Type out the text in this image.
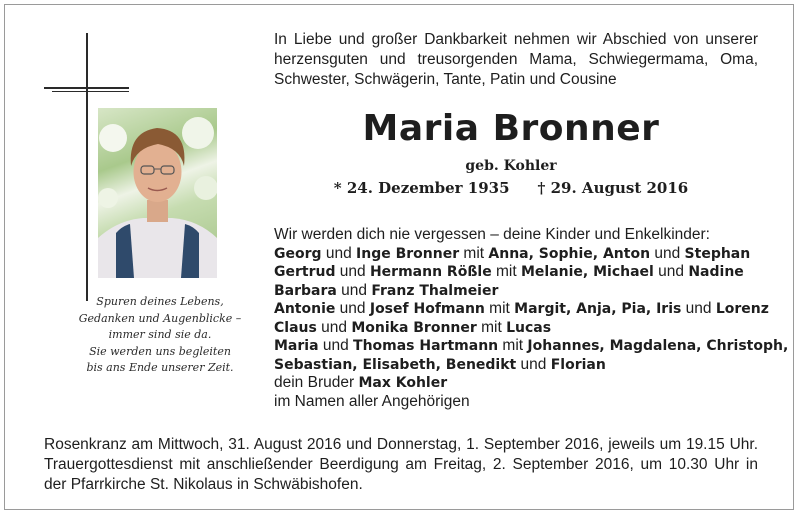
Spuren deines Lebens,
Gedanken und Augenblicke –
immer sind sie da.
Sie werden uns begleiten
bis ans Ende unserer Zeit.
In Liebe und großer Dankbarkeit nehmen wir Abschied von unserer
herzensguten und treusorgenden Mama, Schwiegermama, Oma,
Schwester, Schwägerin, Tante, Patin und Cousine
Maria Bronner
geb. Kohler
* 24. Dezember 1935 † 29. August 2016
Wir werden dich nie vergessen – deine Kinder und Enkelkinder:
Georg und Inge Bronner mit Anna, Sophie, Anton und Stephan
Gertrud und Hermann Rößle mit Melanie, Michael und Nadine
Barbara und Franz Thalmeier
Antonie und Josef Hofmann mit Margit, Anja, Pia, Iris und Lorenz
Claus und Monika Bronner mit Lucas
Maria und Thomas Hartmann mit Johannes, Magdalena, Christoph,
Sebastian, Elisabeth, Benedikt und Florian
dein Bruder Max Kohler
im Namen aller Angehörigen
Rosenkranz am Mittwoch, 31. August 2016 und Donnerstag, 1. September 2016, jeweils um 19.15 Uhr.
Trauergottesdienst mit anschließender Beerdigung am Freitag, 2. September 2016, um 10.30 Uhr in
der Pfarrkirche St. Nikolaus in Schwäbishofen.
